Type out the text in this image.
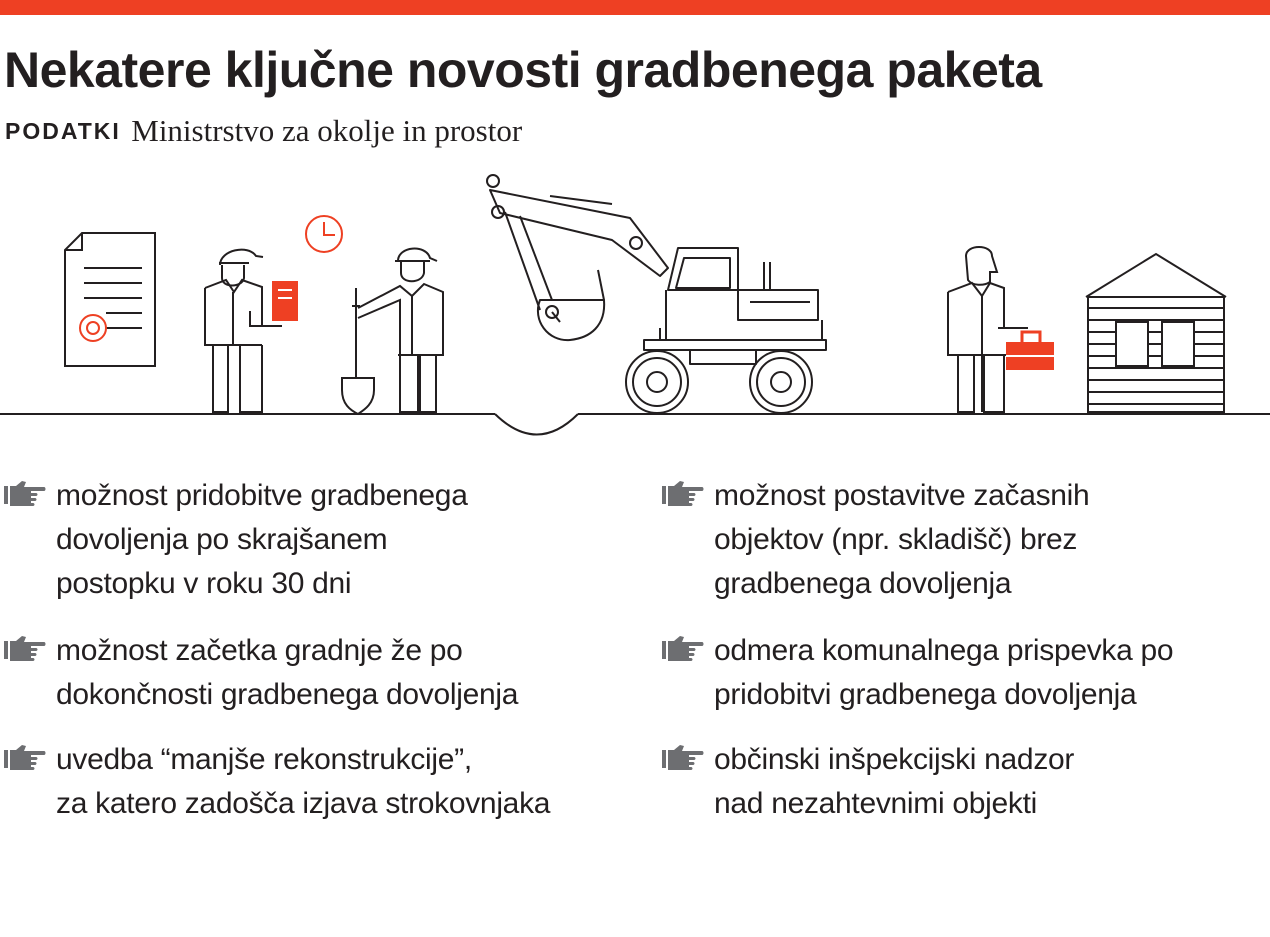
Nekatere ključne novosti gradbenega paketa
PODATKI Ministrstvo za okolje in prostor

možnost pridobitve gradbenega
dovoljenja po skrajšanem
postopku v roku 30 dni

možnost začetka gradnje že po
dokončnosti gradbenega dovoljenja

uvedba “manjše rekonstrukcije”,
za katero zadošča izjava strokovnjaka

možnost postavitve začasnih
objektov (npr. skladišč) brez
gradbenega dovoljenja

odmera komunalnega prispevka po
pridobitvi gradbenega dovoljenja

občinski inšpekcijski nadzor
nad nezahtevnimi objekti
